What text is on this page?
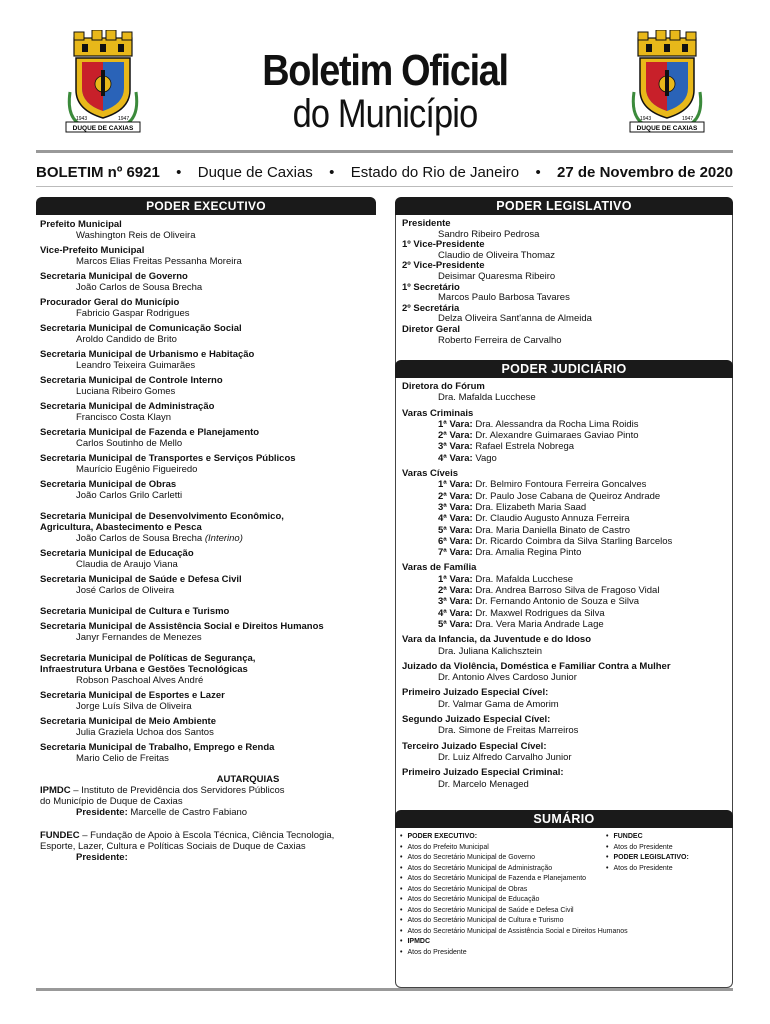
DUQUE DE CAXIAS
1943	1947
DUQUE DE CAXIAS
1943	1947
Boletim Oficial
do Município
BOLETIM nº 6921 • Duque de Caxias • Estado do Rio de Janeiro • 27 de Novembro de 2020
PODER EXECUTIVO
Prefeito Municipal
Washington Reis de Oliveira
Vice-Prefeito Municipal
Marcos Elias Freitas Pessanha Moreira
Secretaria Municipal de Governo
João Carlos de Sousa Brecha
Procurador Geral do Município
Fabricio Gaspar Rodrigues
Secretaria Municipal de Comunicação Social
Aroldo Candido de Brito
Secretaria Municipal de Urbanismo e Habitação
Leandro Teixeira Guimarães
Secretaria Municipal de Controle Interno
Luciana Ribeiro Gomes
Secretaria Municipal de Administração
Francisco Costa Klayn
Secretaria Municipal de Fazenda e Planejamento
Carlos Soutinho de Mello
Secretaria Municipal de Transportes e Serviços Públicos
Maurício Eugênio Figueiredo
Secretaria Municipal de Obras
João Carlos Grilo Carletti
Secretaria Municipal de Desenvolvimento Econômico,
Agricultura, Abastecimento e Pesca
João Carlos de Sousa Brecha (Interino)
Secretaria Municipal de Educação
Claudia de Araujo Viana
Secretaria Municipal de Saúde e Defesa Civil
José Carlos de Oliveira
Secretaria Municipal de Cultura e Turismo
Secretaria Municipal de Assistência Social e Direitos Humanos
Janyr Fernandes de Menezes
Secretaria Municipal de Políticas de Segurança,
Infraestrutura Urbana e Gestões Tecnológicas
Robson Paschoal Alves André
Secretaria Municipal de Esportes e Lazer
Jorge Luís Silva de Oliveira
Secretaria Municipal de Meio Ambiente
Julia Graziela Uchoa dos Santos
Secretaria Municipal de Trabalho, Emprego e Renda
Mario Celio de Freitas
AUTARQUIAS
IPMDC – Instituto de Previdência dos Servidores Públicos
do Município de Duque de Caxias
Presidente: Marcelle de Castro Fabiano
FUNDEC – Fundação de Apoio à Escola Técnica, Ciência Tecnologia,
Esporte, Lazer, Cultura e Políticas Sociais de Duque de Caxias
Presidente:
PODER LEGISLATIVO
Presidente
Sandro Ribeiro Pedrosa
1º Vice-Presidente
Claudio de Oliveira Thomaz
2º Vice-Presidente
Deisimar Quaresma Ribeiro
1º Secretário
Marcos Paulo Barbosa Tavares
2º Secretária
Delza Oliveira Sant'anna de Almeida
Diretor Geral
Roberto Ferreira de Carvalho
PODER JUDICIÁRIO
Diretora do Fórum
Dra. Mafalda Lucchese
Varas Criminais
1ª Vara: Dra. Alessandra da Rocha Lima Roidis
2ª Vara: Dr. Alexandre Guimaraes Gaviao Pinto
3ª Vara: Rafael Estrela Nobrega
4ª Vara: Vago
Varas Cíveis
1ª Vara: Dr. Belmiro Fontoura Ferreira Goncalves
2ª Vara: Dr. Paulo Jose Cabana de Queiroz Andrade
3ª Vara: Dra. Elizabeth Maria Saad
4ª Vara: Dr. Claudio Augusto Annuza Ferreira
5ª Vara: Dra. Maria Daniella Binato de Castro
6ª Vara: Dr. Ricardo Coimbra da Silva Starling Barcelos
7ª Vara: Dra. Amalia Regina Pinto
Varas de Família
1ª Vara: Dra. Mafalda Lucchese
2ª Vara: Dra. Andrea Barroso Silva de Fragoso Vidal
3ª Vara: Dr. Fernando Antonio de Souza e Silva
4ª Vara: Dr. Maxwel Rodrigues da Silva
5ª Vara: Dra. Vera Maria Andrade Lage
Vara da Infancia, da Juventude e do Idoso
Dra. Juliana Kalichsztein
Juizado da Violência, Doméstica e Familiar Contra a Mulher
Dr. Antonio Alves Cardoso Junior
Primeiro Juizado Especial Cível:
Dr. Valmar Gama de Amorim
Segundo Juizado Especial Cível:
Dra. Simone de Freitas Marreiros
Terceiro Juizado Especial Cível:
Dr. Luiz Alfredo Carvalho Junior
Primeiro Juizado Especial Criminal:
Dr. Marcelo Menaged
SUMÁRIO
• PODER EXECUTIVO:
• Atos do Prefeito Municipal
• Atos do Secretário Municipal de Governo
• Atos do Secretário Municipal de Administração
• Atos do Secretário Municipal de Fazenda e Planejamento
• Atos do Secretário Municipal de Obras
• Atos do Secretário Municipal de Educação
• Atos do Secretário Municipal de Saúde e Defesa Civil
• Atos do Secretário Municipal de Cultura e Turismo
• Atos do Secretário Municipal de Assistência Social e Direitos Humanos
• IPMDC
• Atos do Presidente
• FUNDEC
• Atos do Presidente
• PODER LEGISLATIVO:
• Atos do Presidente
